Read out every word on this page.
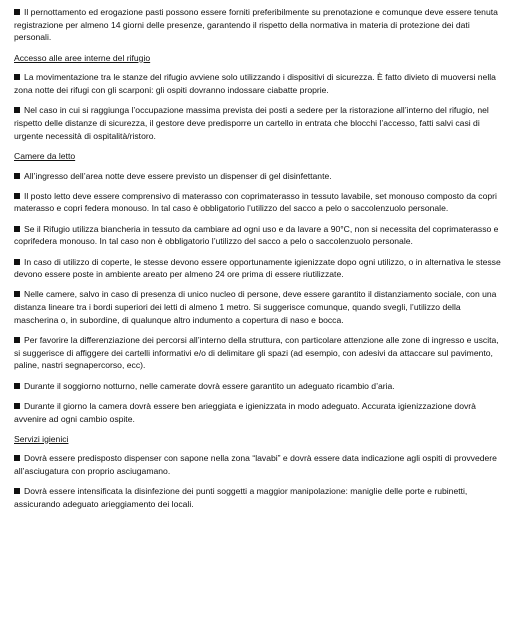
Il pernottamento ed erogazione pasti possono essere forniti preferibilmente su prenotazione e comunque deve essere tenuta registrazione per almeno 14 giorni delle presenze, garantendo il rispetto della normativa in materia di protezione dei dati personali.

Accesso alle aree interne del rifugio

La movimentazione tra le stanze del rifugio avviene solo utilizzando i dispositivi di sicurezza. È fatto divieto di muoversi nella zona notte dei rifugi con gli scarponi: gli ospiti dovranno indossare ciabatte proprie.

Nel caso in cui si raggiunga l’occupazione massima prevista dei posti a sedere per la ristorazione all’interno del rifugio, nel rispetto delle distanze di sicurezza, il gestore deve predisporre un cartello in entrata che blocchi l’accesso, fatti salvi casi di urgente necessità di ospitalità/ristoro.

Camere da letto

All’ingresso dell’area notte deve essere previsto un dispenser di gel disinfettante.

Il posto letto deve essere comprensivo di materasso con coprimaterasso in tessuto lavabile, set monouso composto da copri materasso e copri federa monouso. In tal caso è obbligatorio l’utilizzo del sacco a pelo o saccolenzuolo personale.

Se il Rifugio utilizza biancheria in tessuto da cambiare ad ogni uso e da lavare a 90°C, non si necessita del coprimaterasso e coprifedera monouso. In tal caso non è obbligatorio l’utilizzo del sacco a pelo o saccolenzuolo personale.

In caso di utilizzo di coperte, le stesse devono essere opportunamente igienizzate dopo ogni utilizzo, o in alternativa le stesse devono essere poste in ambiente areato per almeno 24 ore prima di essere riutilizzate.

Nelle camere, salvo in caso di presenza di unico nucleo di persone, deve essere garantito il distanziamento sociale, con una distanza lineare tra i bordi superiori dei letti di almeno 1 metro. Si suggerisce comunque, quando svegli, l’utilizzo della mascherina o, in subordine, di qualunque altro indumento a copertura di naso e bocca.

Per favorire la differenziazione dei percorsi all’interno della struttura, con particolare attenzione alle zone di ingresso e uscita, si suggerisce di affiggere dei cartelli informativi e/o di delimitare gli spazi (ad esempio, con adesivi da attaccare sul pavimento, paline, nastri segnapercorso, ecc).

Durante il soggiorno notturno, nelle camerate dovrà essere garantito un adeguato ricambio d’aria.

Durante il giorno la camera dovrà essere ben arieggiata e igienizzata in modo adeguato. Accurata igienizzazione dovrà avvenire ad ogni cambio ospite.

Servizi igienici

Dovrà essere predisposto dispenser con sapone nella zona “lavabi” e dovrà essere data indicazione agli ospiti di provvedere all’asciugatura con proprio asciugamano.

Dovrà essere intensificata la disinfezione dei punti soggetti a maggior manipolazione: maniglie delle porte e rubinetti, assicurando adeguato arieggiamento dei locali.
